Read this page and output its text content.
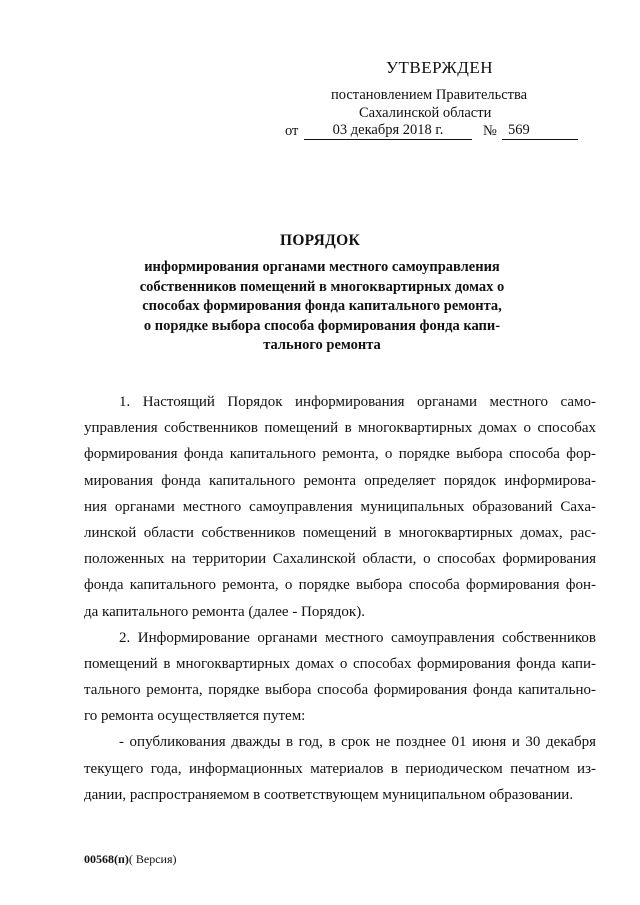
УТВЕРЖДЕН
постановлением Правительства
Сахалинской области
от	03 декабря 2018 г.	№ 569
ПОРЯДОК
информирования органами местного самоуправления
собственников помещений в многоквартирных домах о
способах формирования фонда капитального ремонта,
о порядке выбора способа формирования фонда капи-
тального ремонта
1. Настоящий Порядок информирования органами местного само-
управления собственников помещений в многоквартирных домах о способах
формирования фонда капитального ремонта, о порядке выбора способа фор-
мирования фонда капитального ремонта определяет порядок информирова-
ния органами местного самоуправления муниципальных образований Саха-
линской области собственников помещений в многоквартирных домах, рас-
положенных на территории Сахалинской области, о способах формирования
фонда капитального ремонта, о порядке выбора способа формирования фон-
да капитального ремонта (далее - Порядок).
2. Информирование органами местного самоуправления собственников
помещений в многоквартирных домах о способах формирования фонда капи-
тального ремонта, порядке выбора способа формирования фонда капитально-
го ремонта осуществляется путем:
- опубликования дважды в год, в срок не позднее 01 июня и 30 декабря
текущего года, информационных материалов в периодическом печатном из-
дании, распространяемом в соответствующем муниципальном образовании.
00568(п)( Версия)
